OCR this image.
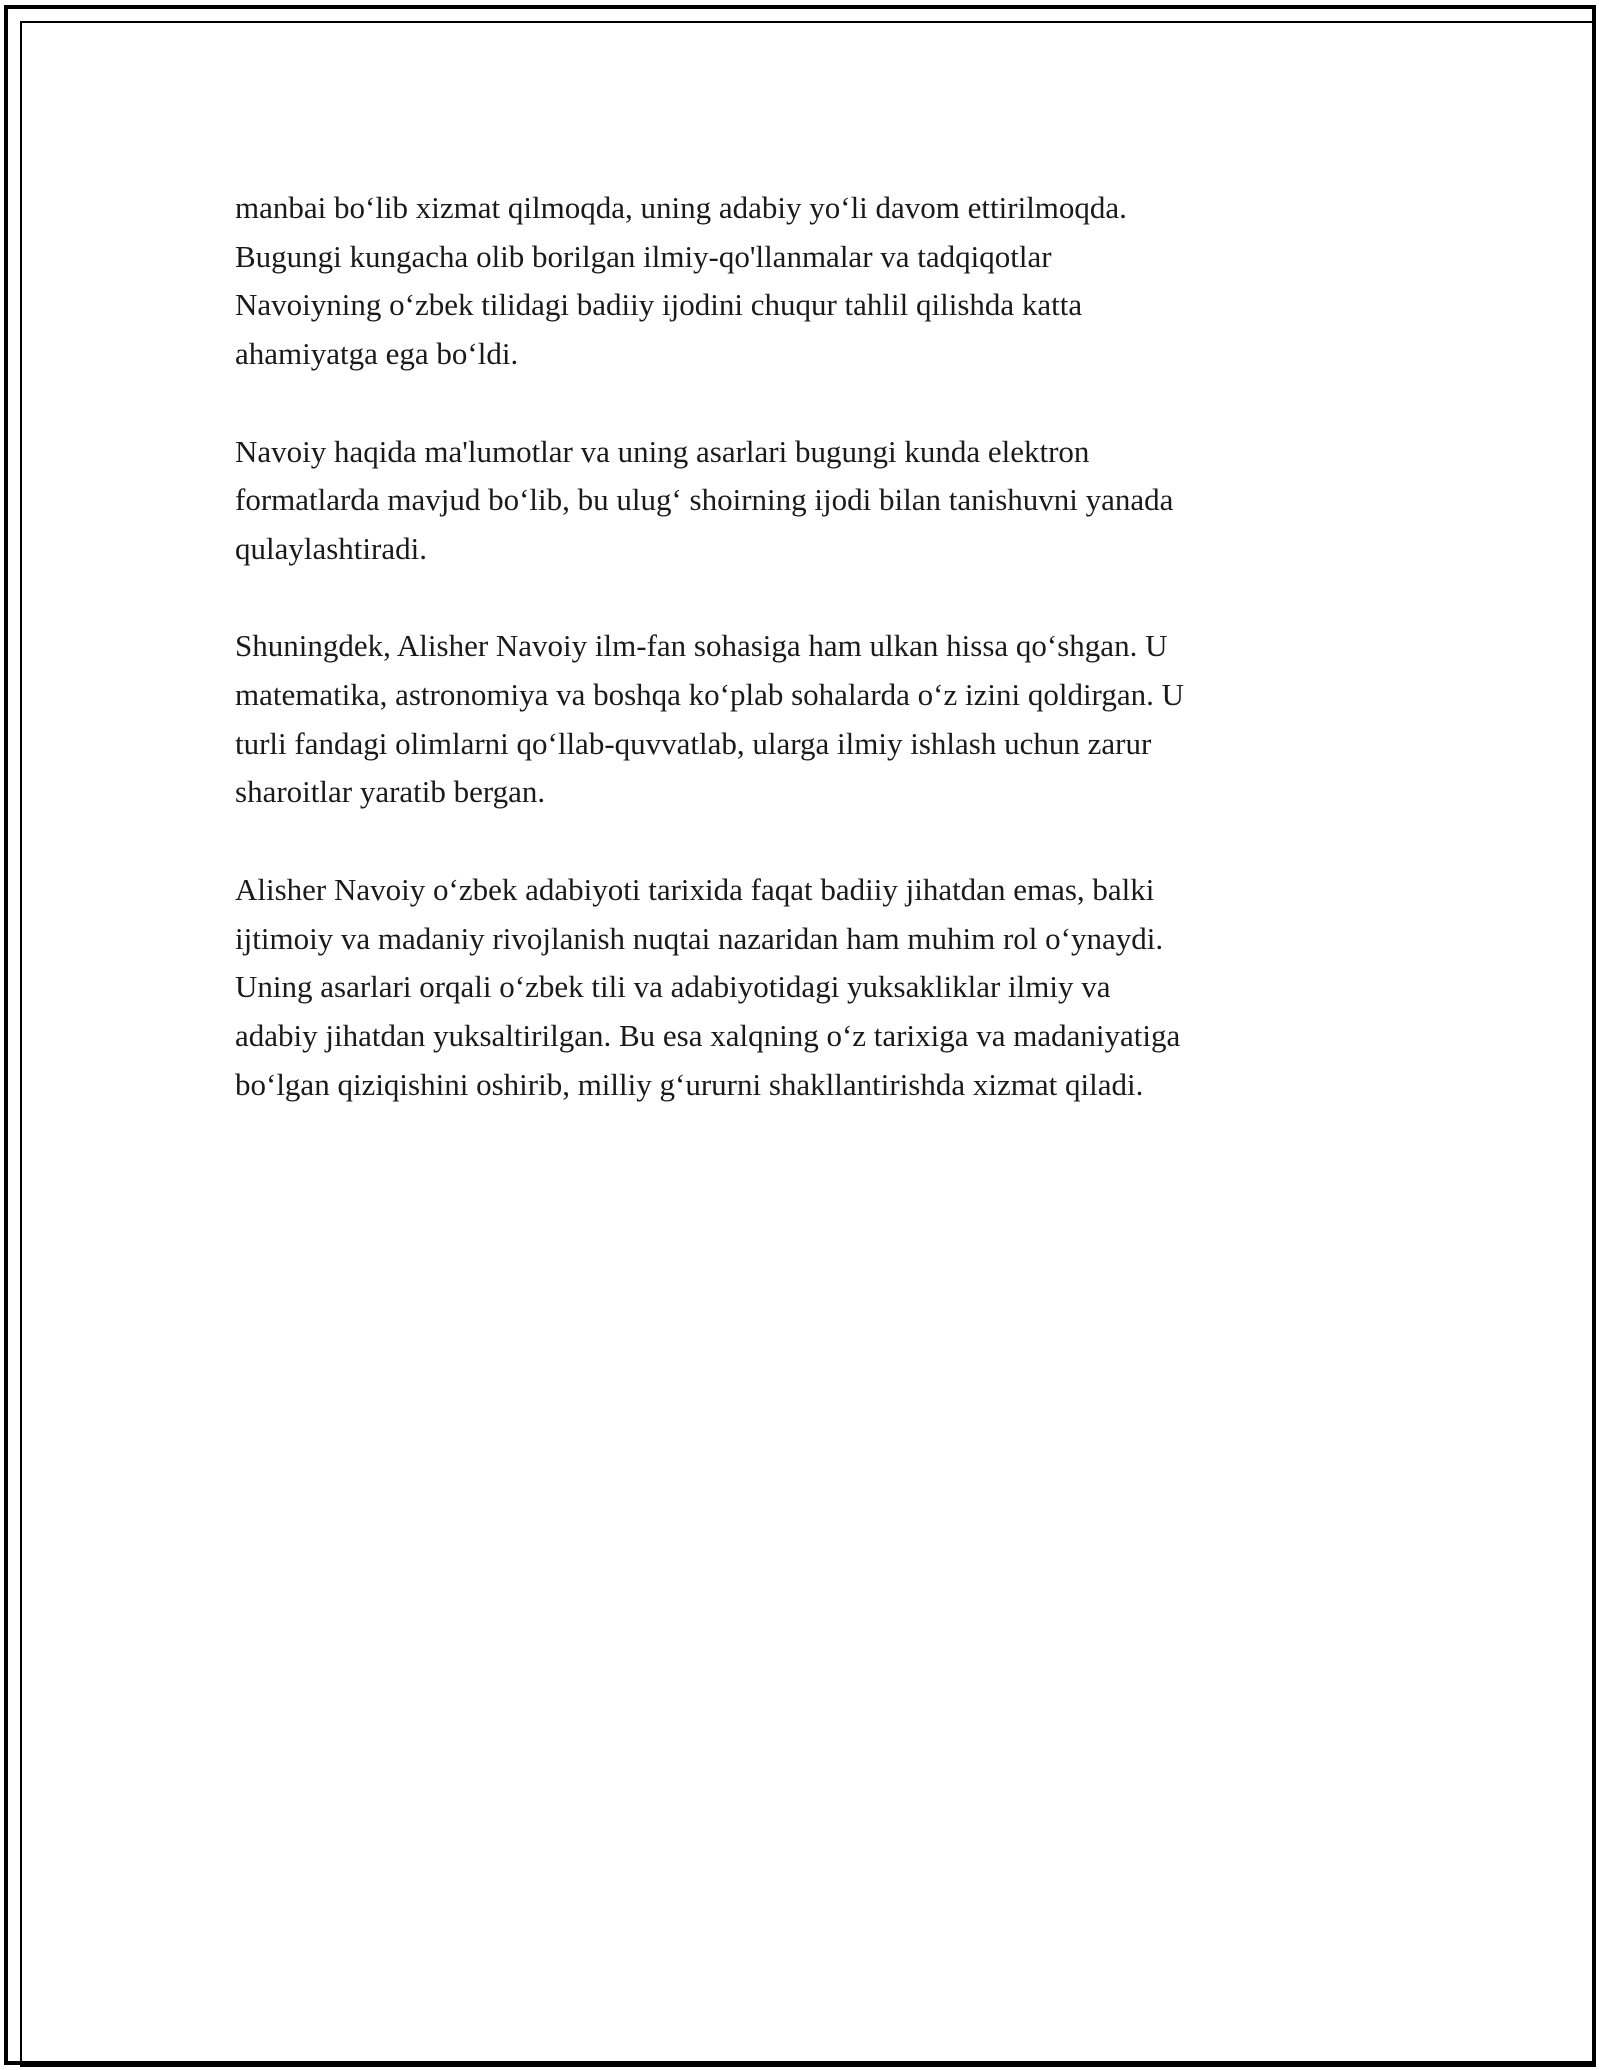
manbai bo‘lib xizmat qilmoqda, uning adabiy yo‘li davom ettirilmoqda.
Bugungi kungacha olib borilgan ilmiy-qo'llanmalar va tadqiqotlar
Navoiyning o‘zbek tilidagi badiiy ijodini chuqur tahlil qilishda katta
ahamiyatga ega bo‘ldi.

Navoiy haqida ma'lumotlar va uning asarlari bugungi kunda elektron
formatlarda mavjud bo‘lib, bu ulug‘ shoirning ijodi bilan tanishuvni yanada
qulaylashtiradi.

Shuningdek, Alisher Navoiy ilm-fan sohasiga ham ulkan hissa qo‘shgan. U
matematika, astronomiya va boshqa ko‘plab sohalarda o‘z izini qoldirgan. U
turli fandagi olimlarni qo‘llab-quvvatlab, ularga ilmiy ishlash uchun zarur
sharoitlar yaratib bergan.

Alisher Navoiy o‘zbek adabiyoti tarixida faqat badiiy jihatdan emas, balki
ijtimoiy va madaniy rivojlanish nuqtai nazaridan ham muhim rol o‘ynaydi.
Uning asarlari orqali o‘zbek tili va adabiyotidagi yuksakliklar ilmiy va
adabiy jihatdan yuksaltirilgan. Bu esa xalqning o‘z tarixiga va madaniyatiga
bo‘lgan qiziqishini oshirib, milliy g‘ururni shakllantirishda xizmat qiladi.
